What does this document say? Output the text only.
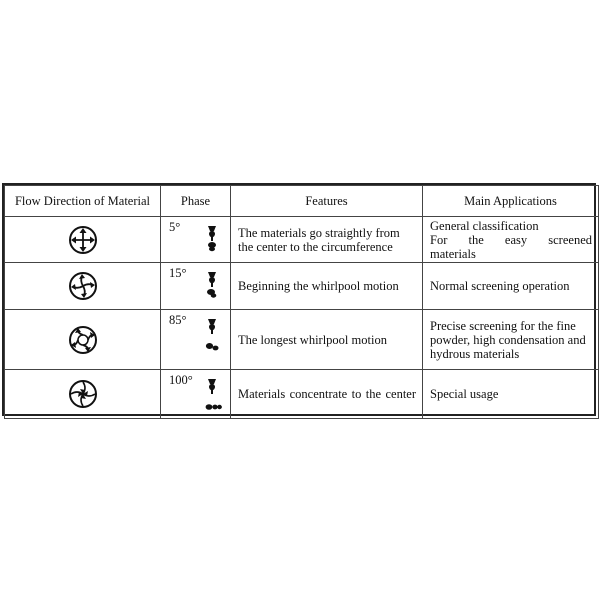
Flow Direction of Material	Phase	Features	Main Applications

5°	The materials go straightly from the center to the circumference	General classification
For the easy screened
materials

15°	Beginning the whirlpool motion	Normal screening operation

85°	The longest whirlpool motion	Precise screening for the fine
powder, high condensation and
hydrous materials

100°	Materials concentrate to the center	Special usage
